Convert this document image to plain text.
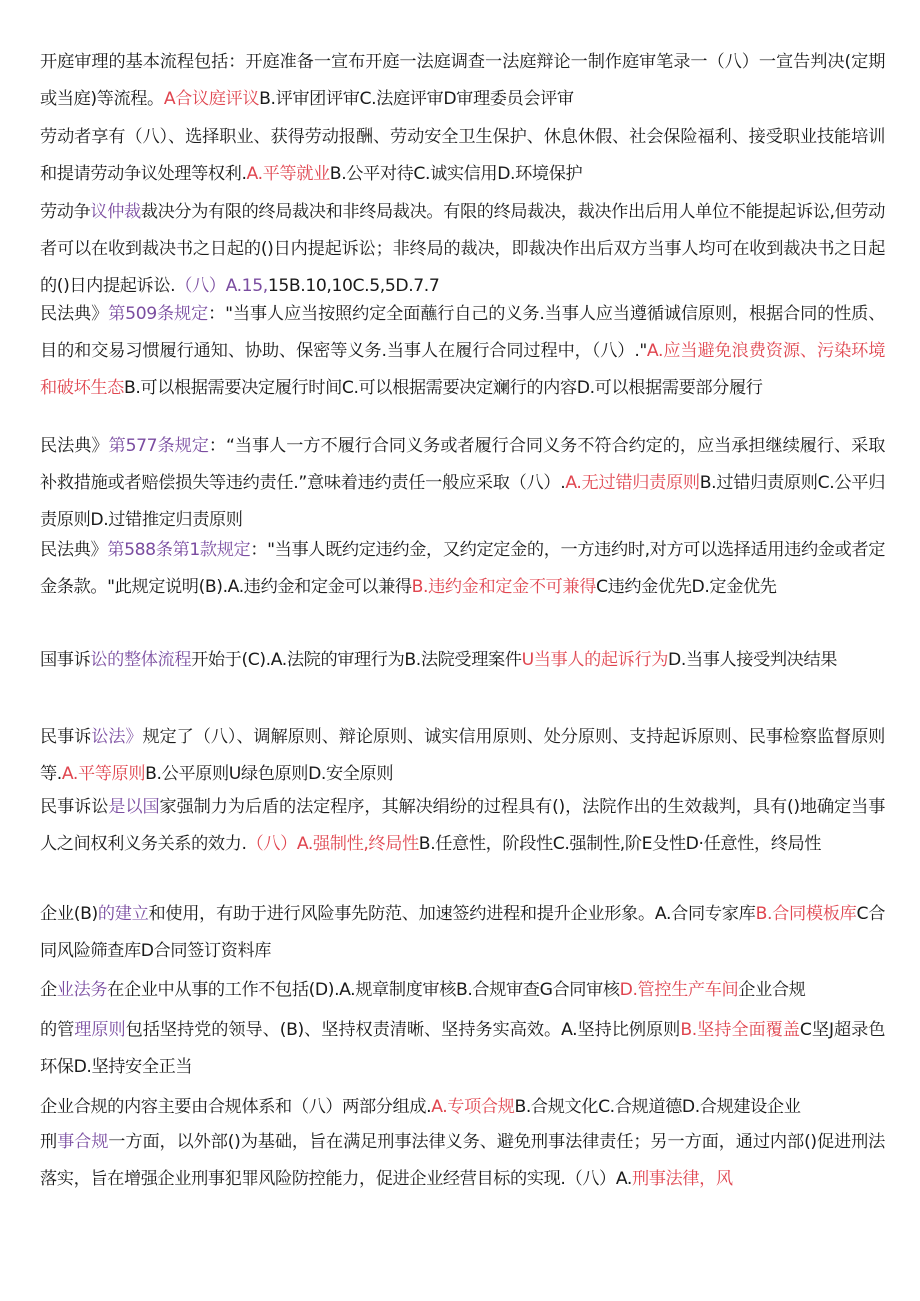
开庭审理的基本流程包括：开庭准备一宣布开庭一法庭调查一法庭辩论一制作庭审笔录一（八）一宣告判决(定期或当庭)等流程。A合议庭评议B.评审团评审C.法庭评审D审理委员会评审
劳动者享有（八）、选择职业、获得劳动报酬、劳动安全卫生保护、休息休假、社会保险福利、接受职业技能培训和提请劳动争议处理等权利.A.平等就业B.公平对待C.诚实信用D.环境保护
劳动争议仲裁裁决分为有限的终局裁决和非终局裁决。有限的终局裁决，裁决作出后用人单位不能提起诉讼,但劳动者可以在收到裁决书之日起的()日内提起诉讼；非终局的裁决，即裁决作出后双方当事人均可在收到裁决书之日起的()日内提起诉讼.（八）A.15,15B.10,10C.5,5D.7.7
民法典》第509条规定："当事人应当按照约定全面蘸行自己的义务.当事人应当遵循诚信原则，根据合同的性质、目的和交易习惯履行通知、协助、保密等义务.当事人在履行合同过程中，（八）."A.应当避免浪费资源、污染环境和破坏生态B.可以根据需要决定履行时间C.可以根据需要决定斓行的内容D.可以根据需要部分履行
民法典》第577条规定：“当事人一方不履行合同义务或者履行合同义务不符合约定的，应当承担继续履行、采取补救措施或者赔偿损失等违约责任.”意味着违约责任一般应采取（八）.A.无过错归责原则B.过错归责原则C.公平归责原则D.过错推定归责原则
民法典》第588条第1款规定："当事人既约定违约金，又约定定金的，一方违约时,对方可以选择适用违约金或者定金条款。"此规定说明(B).A.违约金和定金可以兼得B.违约金和定金不可兼得C违约金优先D.定金优先
国事诉讼的整体流程开始于(C).A.法院的审理行为B.法院受理案件U当事人的起诉行为D.当事人接受判决结果
民事诉讼法》规定了（八）、调解原则、辩论原则、诚实信用原则、处分原则、支持起诉原则、民事检察监督原则等.A.平等原则B.公平原则U绿色原则D.安全原则
民事诉讼是以国家强制力为后盾的法定程序，其解决绢纷的过程具有()，法院作出的生效裁判，具有()地确定当事人之间权利义务关系的效力.（八）A.强制性,终局性B.任意性，阶段性C.强制性,阶E殳性D·任意性，终局性
企业(B)的建立和使用，有助于进行风险事先防范、加速签约进程和提升企业形象。A.合同专家库B.合同模板库C合同风险筛查库D合同签订资料库
企业法务在企业中从事的工作不包括(D).A.规章制度审核B.合规审查G合同审核D.管控生产车间企业合规
的管理原则包括坚持党的领导、(B)、坚持权责清晰、坚持务实高效。A.坚持比例原则B.坚持全面覆盖C坚J超录色环保D.坚持安全正当
企业合规的内容主要由合规体系和（八）两部分组成.A.专项合规B.合规文化C.合规道德D.合规建设企业
刑事合规一方面，以外部()为基础，旨在满足刑事法律义务、避免刑事法律责任；另一方面，通过内部()促进刑法落实，旨在增强企业刑事犯罪风险防控能力，促进企业经营目标的实现.（八）A.刑事法律，风
